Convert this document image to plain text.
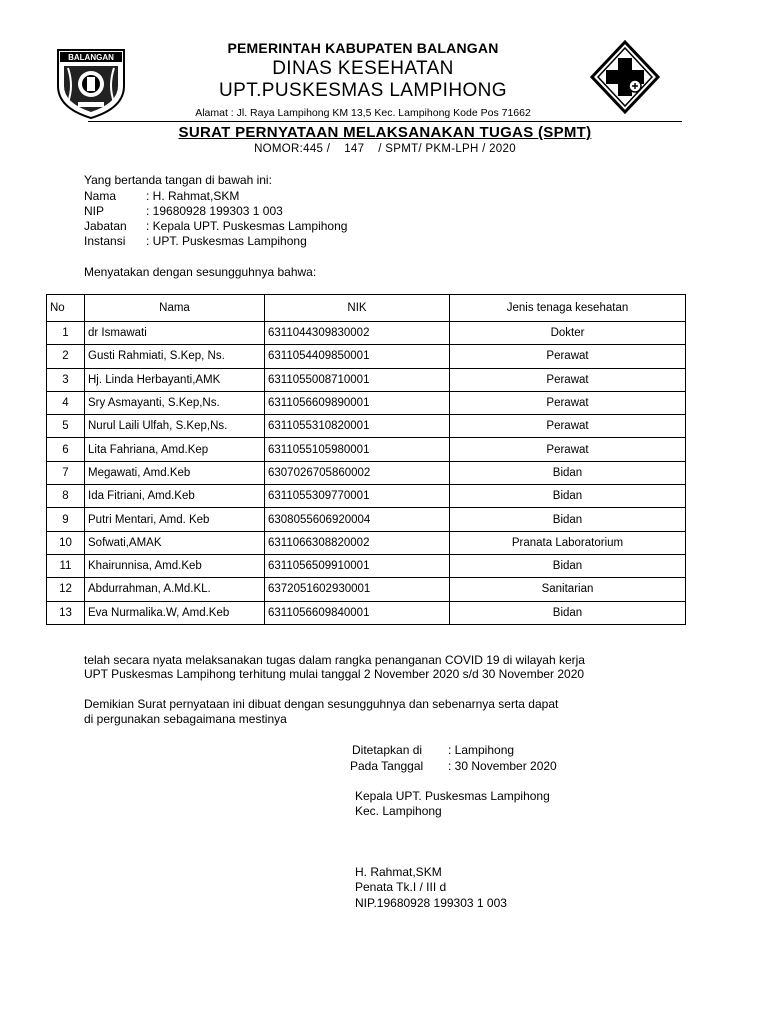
BALANGAN
PEMERINTAH KABUPATEN BALANGAN
DINAS KESEHATAN
UPT.PUSKESMAS LAMPIHONG
Alamat : Jl. Raya Lampihong KM 13,5 Kec. Lampihong Kode Pos 71662
SURAT PERNYATAAN MELAKSANAKAN TUGAS (SPMT)
NOMOR:445 /    147    / SPMT/ PKM-LPH / 2020
Yang bertanda tangan di bawah ini:
Nama : H. Rahmat,SKM
NIP	: 19680928 199303 1 003
Jabatan : Kepala UPT. Puskesmas Lampihong
Instansi : UPT. Puskesmas Lampihong
Menyatakan dengan sesungguhnya bahwa:
No	Nama	NIK	Jenis tenaga kesehatan
1	dr Ismawati	6311044309830002	Dokter
2	Gusti Rahmiati, S.Kep, Ns.	6311054409850001	Perawat
3	Hj. Linda Herbayanti,AMK	6311055008710001	Perawat
4	Sry Asmayanti, S.Kep,Ns.	6311056609890001	Perawat
5	Nurul Laili Ulfah, S.Kep,Ns.	6311055310820001	Perawat
6	Lita Fahriana, Amd.Kep	6311055105980001	Perawat
7	Megawati, Amd.Keb	6307026705860002	Bidan
8	Ida Fitriani, Amd.Keb	6311055309770001	Bidan
9	Putri Mentari, Amd. Keb	6308055606920004	Bidan
10	Sofwati,AMAK	6311066308820002	Pranata Laboratorium
11	Khairunnisa, Amd.Keb	6311056509910001	Bidan
12	Abdurrahman, A.Md.KL.	6372051602930001	Sanitarian
13	Eva Nurmalika.W, Amd.Keb	6311056609840001	Bidan
telah secara nyata melaksanakan tugas dalam rangka penanganan COVID 19 di wilayah kerja
UPT Puskesmas Lampihong terhitung mulai tanggal 2 November 2020 s/d 30 November 2020
Demikian Surat pernyataan ini dibuat dengan sesungguhnya dan sebenarnya serta dapat
di pergunakan sebagaimana mestinya
Ditetapkan di : Lampihong
Pada Tanggal : 30 November 2020
Kepala UPT. Puskesmas Lampihong
Kec. Lampihong
H. Rahmat,SKM
Penata Tk.I / III d
NIP.19680928 199303 1 003
